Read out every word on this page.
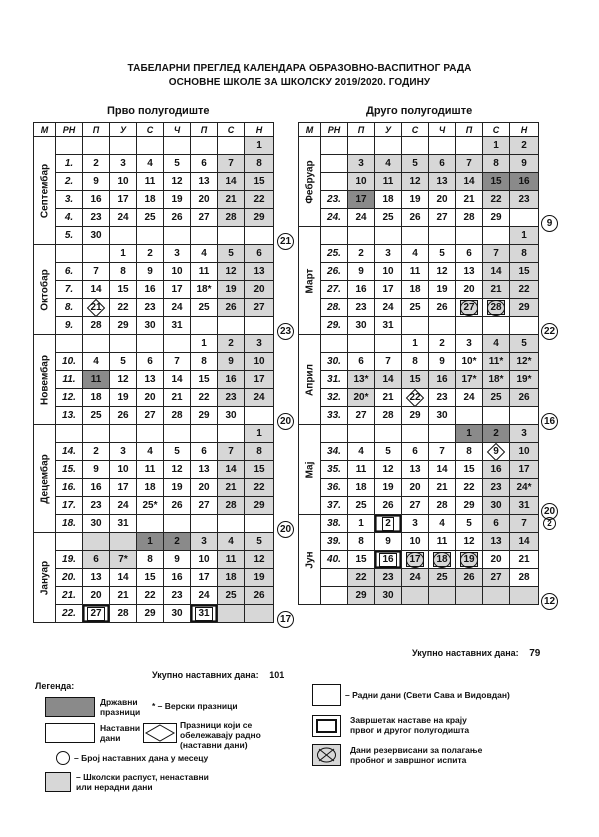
ТАБЕЛАРНИ ПРЕГЛЕД КАЛЕНДАРА ОБРАЗОВНО-ВАСПИТНОГ РАДА
ОСНОВНЕ ШКОЛЕ ЗА ШКОЛСКУ 2019/2020. ГОДИНУ
Прво полугодиште	Друго полугодиште
М	РН	П	У	С	Ч	П	С	Н

Септембар								1
	1.	2	3	4	5	6	7	8
	2.	9	10	11	12	13	14	15
	3.	16	17	18	19	20	21	22
	4.	23	24	25	26	27	28	29
	5.	30						

Октобар			1	2	3	4	5	6
	6.	7	8	9	10	11	12	13
	7.	14	15	16	17	18*	19	20
	8.	21	22	23	24	25	26	27
	9.	28	29	30	31			

Новембар						1	2	3
	10.	4	5	6	7	8	9	10
	11.	11	12	13	14	15	16	17
	12.	18	19	20	21	22	23	24
	13.	25	26	27	28	29	30	

Децембар								1
	14.	2	3	4	5	6	7	8
	15.	9	10	11	12	13	14	15
	16.	16	17	18	19	20	21	22
	17.	23	24	25*	26	27	28	29
	18.	30	31					

Јануар				1	2	3	4	5
	19.	6	7*	8	9	10	11	12
	20.	13	14	15	16	17	18	19
	21.	20	21	22	23	24	25	26
	22.	27	28	29	30	31		
М	РН	П	У	С	Ч	П	С	Н

Фебруар							1	2
		3	4	5	6	7	8	9
		10	11	12	13	14	15	16
	23.	17	18	19	20	21	22	23
	24.	24	25	26	27	28	29	

Март								1
	25.	2	3	4	5	6	7	8
	26.	9	10	11	12	13	14	15
	27.	16	17	18	19	20	21	22
	28.	23	24	25	26	27	28	29
	29.	30	31					

Април				1	2	3	4	5
	30.	6	7	8	9	10*	11*	12*
	31.	13*	14	15	16	17*	18*	19*
	32.	20*	21	22	23	24	25	26
	33.	27	28	29	30			

Мај						1	2	3
	34.	4	5	6	7	8	9	10
	35.	11	12	13	14	15	16	17
	36.	18	19	20	21	22	23	24*
	37.	25	26	27	28	29	30	31

Јун	38.	1	2	3	4	5	6	7
	39.	8	9	10	11	12	13	14
	40.	15	16	17	18	19	20	21
		22	23	24	25	26	27	28
		29	30					
Укупно наставних дана: 101
Укупно наставних дана: 79
Легенда:
Државни
празници
* – Верски празници
Наставни
дани
Празници који се
обележавају радно
(наставни дани)
– Број наставних дана у месецу
– Школски распуст, ненаставни
или нерадни дани
– Радни дани (Свети Сава и Видовдан)
Завршетак наставе на крају
првог и другог полугодишта
Дани резервисани за полагање
пробног и завршног испита
21
23
20
20
17
9
22
16
20
12
2
